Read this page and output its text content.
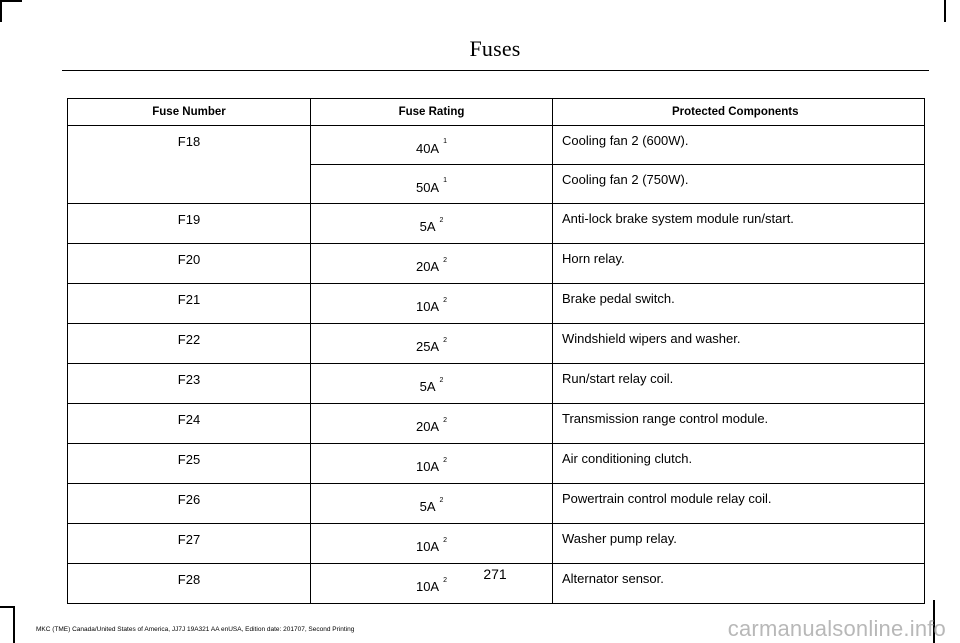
Fuses
Fuse Number	Fuse Rating	Protected Components
F18	40A $^1$	Cooling fan 2 (600W).
	50A $^1$	Cooling fan 2 (750W).
F19	5A $^2$	Anti-lock brake system module run/start.
F20	20A $^2$	Horn relay.
F21	10A $^2$	Brake pedal switch.
F22	25A $^2$	Windshield wipers and washer.
F23	5A $^2$	Run/start relay coil.
F24	20A $^2$	Transmission range control module.
F25	10A $^2$	Air conditioning clutch.
F26	5A $^2$	Powertrain control module relay coil.
F27	10A $^2$	Washer pump relay.
F28	10A $^2$	Alternator sensor.
271
MKC (TME) Canada/United States of America, JJ7J 19A321 AA enUSA, Edition date: 201707, Second Printing	carmanualsonline.info
